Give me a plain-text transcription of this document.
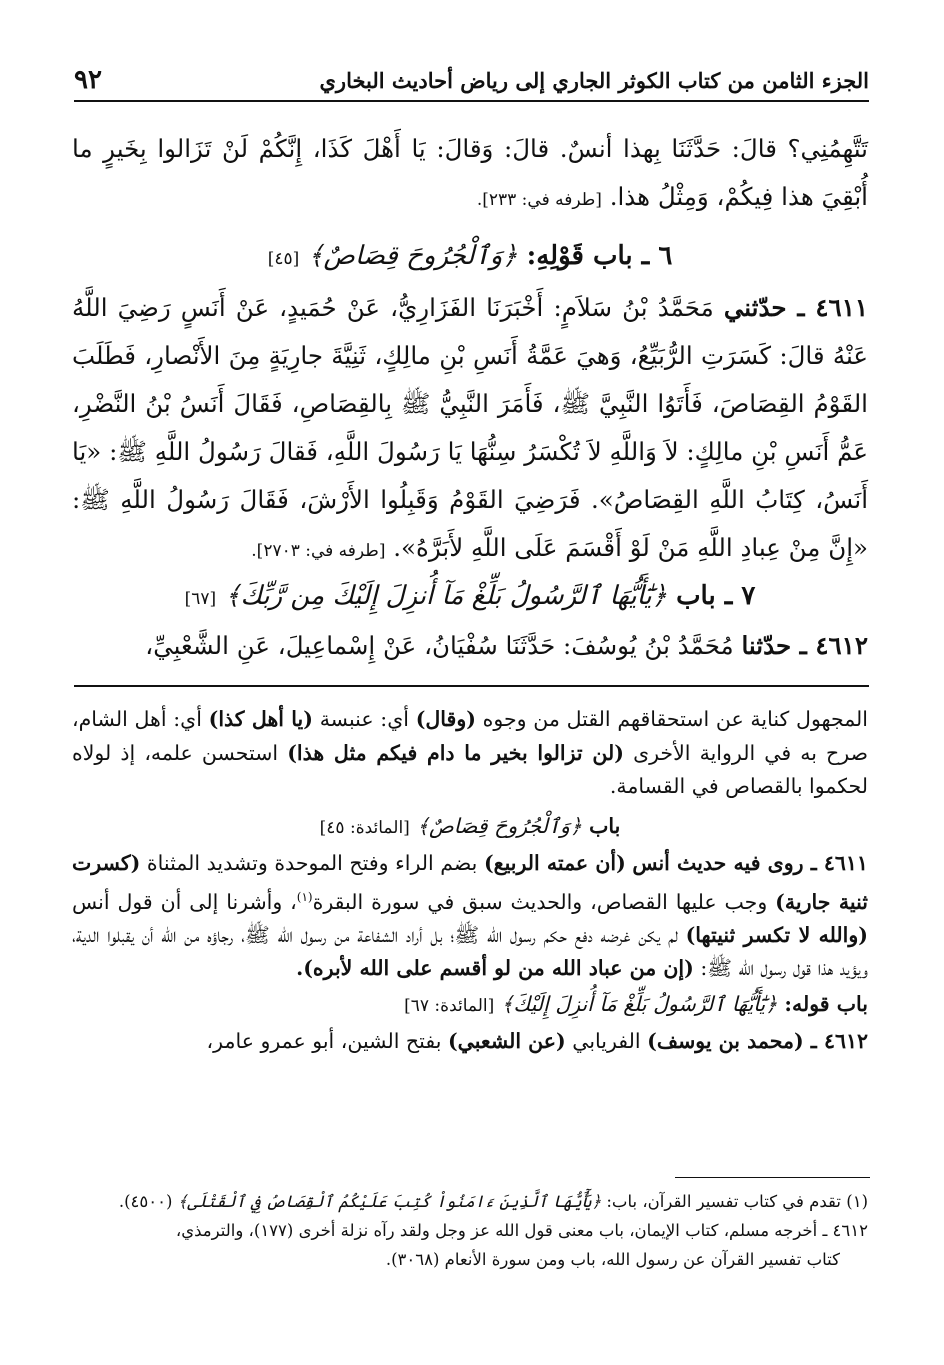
الجزء الثامن من كتاب الكوثر الجاري إلى رياض أحاديث البخاري
٩٢

تَتَّهِمُنِي؟ قالَ: حَدَّثَنَا بِهذا أنسٌ. قالَ: وَقالَ: يَا أَهْلَ كَذَا، إِنَّكُمْ لَنْ تَزَالوا بِخَيرٍ ما أُبْقِيَ هذا فِيكُمْ، وَمِثْلُ هذا. [طرفه في: ٢٣٣].

٦ ـ باب قَوْلِهِ: ﴿وَٱلْجُرُوحَ قِصَاصٌ﴾ [٤٥]

٤٦١١ ـ حدّثني مَحَمَّدُ بْنُ سَلاَمٍ: أَخْبَرَنَا الفَزَارِيُّ، عَنْ حُمَيدٍ، عَنْ أَنَسٍ رَضِيَ اللَّهُ عَنْهُ قالَ: كَسَرَتِ الرُّبَيِّعُ، وَهيَ عَمَّةُ أَنَسِ بْنِ مالِكٍ، ثَنِيَّةَ جارِيَةٍ مِنَ الأَنْصارِ، فَطَلَبَ القَوْمُ القِصَاصَ، فَأَتَوُا النَّبِيَّ ﷺ، فَأَمَرَ النَّبِيُّ ﷺ بِالقِصَاصِ، فَقَالَ أَنَسُ بْنُ النَّضْرِ، عَمُّ أَنَسِ بْنِ مالِكٍ: لاَ وَاللَّهِ لاَ تُكْسَرُ سِنُّهَا يَا رَسُولَ اللَّهِ، فَقالَ رَسُولُ اللَّهِ ﷺ: «يَا أَنَسُ، كِتَابُ اللَّهِ القِصَاصُ». فَرَضِيَ القَوْمُ وَقَبِلُوا الأَرْشَ، فَقَالَ رَسُولُ اللَّهِ ﷺ: «إِنَّ مِنْ عِبادِ اللَّهِ مَنْ لَوْ أَقْسَمَ عَلَى اللَّهِ لأَبَرَّهُ». [طرفه في: ٢٧٠٣].

٧ ـ باب ﴿يَٰٓأَيُّهَا ٱلرَّسُولُ بَلِّغْ مَآ أُنزِلَ إِلَيْكَ مِن رَّبِّكَ﴾ [٦٧]

٤٦١٢ ـ حدّثنا مُحَمَّدُ بْنُ يُوسُفَ: حَدَّثَنَا سُفْيَانُ، عَنْ إِسْماعِيلَ، عَنِ الشَّعْبِيِّ،

المجهول كناية عن استحقاقهم القتل من وجوه (وقال) أي: عنبسة (يا أهل كذا) أي: أهل الشام، صرح به في الرواية الأخرى (لن تزالوا بخير ما دام فيكم مثل هذا) استحسن علمه، إذ لولاه لحكموا بالقصاص في القسامة.

باب ﴿وَٱلْجُرُوحَ قِصَاصٌ﴾ [المائدة: ٤٥]

٤٦١١ ـ روى فيه حديث أنس (أن عمته الربيع) بضم الراء وفتح الموحدة وتشديد المثناة (كسرت ثنية جارية) وجب عليها القصاص، والحديث سبق في سورة البقرة$^{(١)}$، وأشرنا إلى أن قول أنس (والله لا تكسر ثنيتها) لم يكن غرضه دفع حكم رسول الله ﷺ؛ بل أراد الشفاعة من رسول الله ﷺ، رجاؤه من الله أن يقبلوا الدية، ويؤيد هذا قول رسول الله ﷺ: (إن من عباد الله من لو أقسم على الله لأبره).

باب قوله: ﴿يَٰٓأَيُّهَا ٱلرَّسُولُ بَلِّغْ مَآ أُنزِلَ إِلَيْكَ﴾ [المائدة: ٦٧]

٤٦١٢ ـ (محمد بن يوسف) الفريابي (عن الشعبي) بفتح الشين، أبو عمرو عامر،

(١) تقدم في كتاب تفسير القرآن، باب: ﴿يَٰٓأَيُّهَا ٱلَّذِينَ ءَامَنُواْ كُتِبَ عَلَيْكُمُ ٱلْقِصَاصُ فِي ٱلْقَتْلَى﴾ (٤٥٠٠).

٤٦١٢ ـ أخرجه مسلم، كتاب الإيمان، باب معنى قول الله عز وجل ولقد رآه نزلة أخرى (١٧٧)، والترمذي،
كتاب تفسير القرآن عن رسول الله، باب ومن سورة الأنعام (٣٠٦٨).
